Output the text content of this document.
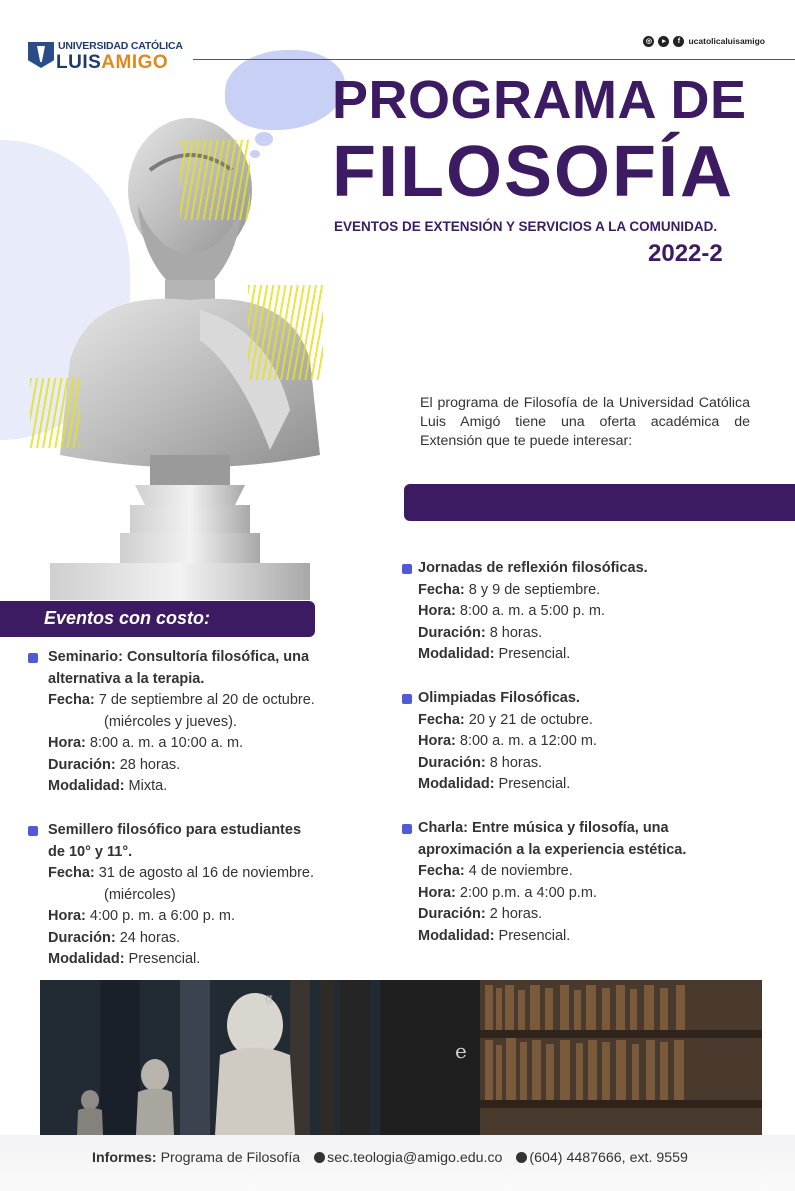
UNIVERSIDAD CATÓLICA
LUISAMIGO
◎	▸	f ucatolicaluisamigo
PROGRAMA DE
FILOSOFÍA
EVENTOS DE EXTENSIÓN Y SERVICIOS A LA COMUNIDAD.
2022-2
El programa de Filosofía de la Universidad Católica Luis Amigó tiene una oferta académica de Extensión que te puede interesar:
Eventos con costo:
Seminario: Consultoría filosófica, una
alternativa a la terapia.
Fecha: 7 de septiembre al 20 de octubre.
(miércoles y jueves).
Hora: 8:00 a. m. a 10:00 a. m.
Duración: 28 horas.
Modalidad: Mixta.
Semillero filosófico para estudiantes
de 10° y 11°.
Fecha: 31 de agosto al 16 de noviembre.
(miércoles)
Hora: 4:00 p. m. a 6:00 p. m.
Duración: 24 horas.
Modalidad: Presencial.
Jornadas de reflexión filosóficas.
Fecha: 8 y 9 de septiembre.
Hora: 8:00 a. m. a 5:00 p. m.
Duración: 8 horas.
Modalidad: Presencial.
Olimpiadas Filosóficas.
Fecha: 20 y 21 de octubre.
Hora: 8:00 a. m. a 12:00 m.
Duración: 8 horas.
Modalidad: Presencial.
Charla: Entre música y filosofía, una
aproximación a la experiencia estética.
Fecha: 4 de noviembre.
Hora: 2:00 p.m. a 4:00 p.m.
Duración: 2 horas.
Modalidad: Presencial.
e
g
Informes: Programa de Filosofía sec.teologia@amigo.edu.co (604) 4487666, ext. 9559
